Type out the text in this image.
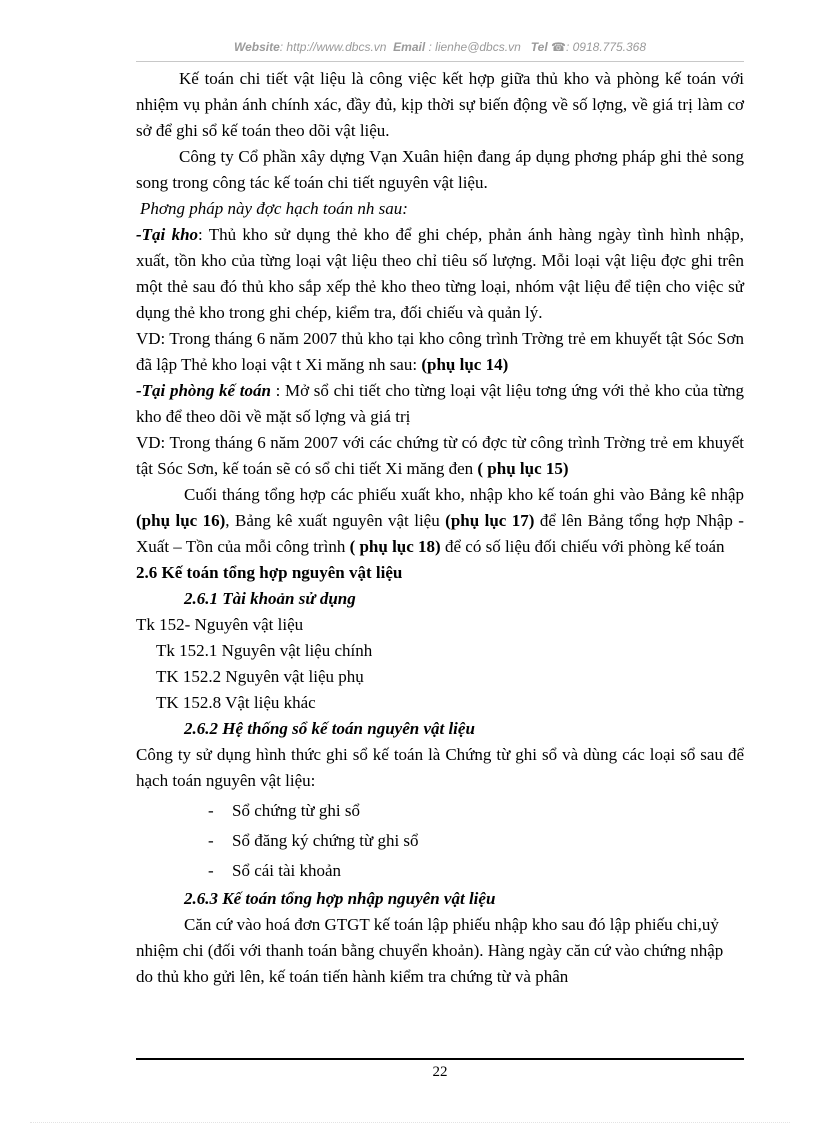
Website: http://www.dbcs.vn Email : lienhe@dbcs.vn Tel ☎: 0918.775.368

Kế toán chi tiết vật liệu là công việc kết hợp giữa thủ kho và phòng kế toán với nhiệm vụ phản ánh chính xác, đầy đủ, kịp thời sự biến động về số lợng, về giá trị làm cơ sở để ghi sổ kế toán theo dõi vật liệu.

Công ty Cổ phần xây dựng Vạn Xuân hiện đang áp dụng phơng pháp ghi thẻ song song trong công tác kế toán chi tiết nguyên vật liệu.

Phơng pháp này đợc hạch toán nh sau:

-Tại kho: Thủ kho sử dụng thẻ kho để ghi chép, phản ánh hàng ngày tình hình nhập, xuất, tồn kho của từng loại vật liệu theo chỉ tiêu số lượng. Mỗi loại vật liệu đợc ghi trên một thẻ sau đó thủ kho sắp xếp thẻ kho theo từng loại, nhóm vật liệu để tiện cho việc sử dụng thẻ kho trong ghi chép, kiểm tra, đối chiếu và quản lý.

VD: Trong tháng 6 năm 2007 thủ kho tại kho công trình Trờng trẻ em khuyết tật Sóc Sơn đã lập Thẻ kho loại vật t Xi măng nh sau: (phụ lục 14)

-Tại phòng kế toán : Mở sổ chi tiết cho từng loại vật liệu tơng ứng với thẻ kho của từng kho để theo dõi về mặt số lợng và giá trị

VD: Trong tháng 6 năm 2007 với các chứng từ có đợc từ công trình Trờng trẻ em khuyết tật Sóc Sơn, kế toán sẽ có sổ chi tiết Xi măng đen ( phụ lục 15)

Cuối tháng tổng hợp các phiếu xuất kho, nhập kho kế toán ghi vào Bảng kê nhập (phụ lục 16), Bảng kê xuất nguyên vật liệu (phụ lục 17) để lên Bảng tổng hợp Nhập - Xuất – Tồn của mỗi công trình ( phụ lục 18) để có số liệu đối chiếu với phòng kế toán

2.6 Kế toán tổng hợp nguyên vật liệu

2.6.1 Tài khoản sử dụng

Tk 152- Nguyên vật liệu

Tk 152.1 Nguyên vật liệu chính

TK 152.2 Nguyên vật liệu phụ

TK 152.8 Vật liệu khác

2.6.2 Hệ thống sổ kế toán nguyên vật liệu

Công ty sử dụng hình thức ghi sổ kế toán là Chứng từ ghi sổ và dùng các loại sổ sau để hạch toán nguyên vật liệu:

- Sổ chứng từ ghi sổ
- Sổ đăng ký chứng từ ghi sổ
- Sổ cái tài khoản

2.6.3 Kế toán tổng hợp nhập nguyên vật liệu

Căn cứ vào hoá đơn GTGT kế toán lập phiếu nhập kho sau đó lập phiếu chi,uỷ nhiệm chi (đối với thanh toán bằng chuyển khoản). Hàng ngày căn cứ vào chứng nhập do thủ kho gửi lên, kế toán tiến hành kiểm tra chứng từ và phân

22
